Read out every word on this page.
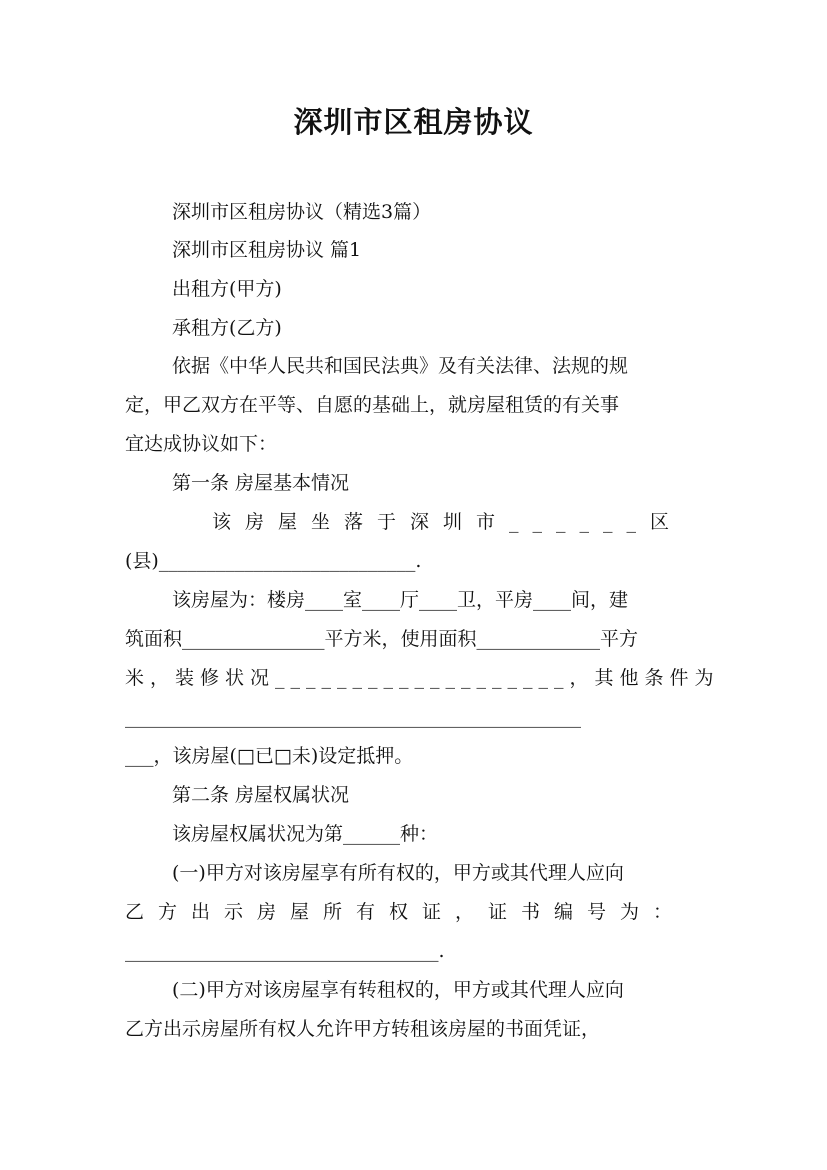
深圳市区租房协议
深圳市区租房协议（精选3篇）
深圳市区租房协议 篇1
出租方(甲方)
承租方(乙方)
依据《中华人民共和国民法典》及有关法律、法规的规
定，甲乙双方在平等、自愿的基础上，就房屋租赁的有关事
宜达成协议如下：
第一条 房屋基本情况
该房屋坐落于深圳市______区
(县)___________________________.
该房屋为：楼房____室____厅____卫，平房____间，建
筑面积_______________平方米，使用面积_____________平方
米，装修状况___________________，其他条件为
________________________________________________
___，该房屋(□已□未)设定抵押。
第二条 房屋权属状况
该房屋权属状况为第______种：
(一)甲方对该房屋享有所有权的，甲方或其代理人应向
乙方出示房屋所有权证，证书编号为：
_________________________________.
(二)甲方对该房屋享有转租权的，甲方或其代理人应向
乙方出示房屋所有权人允许甲方转租该房屋的书面凭证，
